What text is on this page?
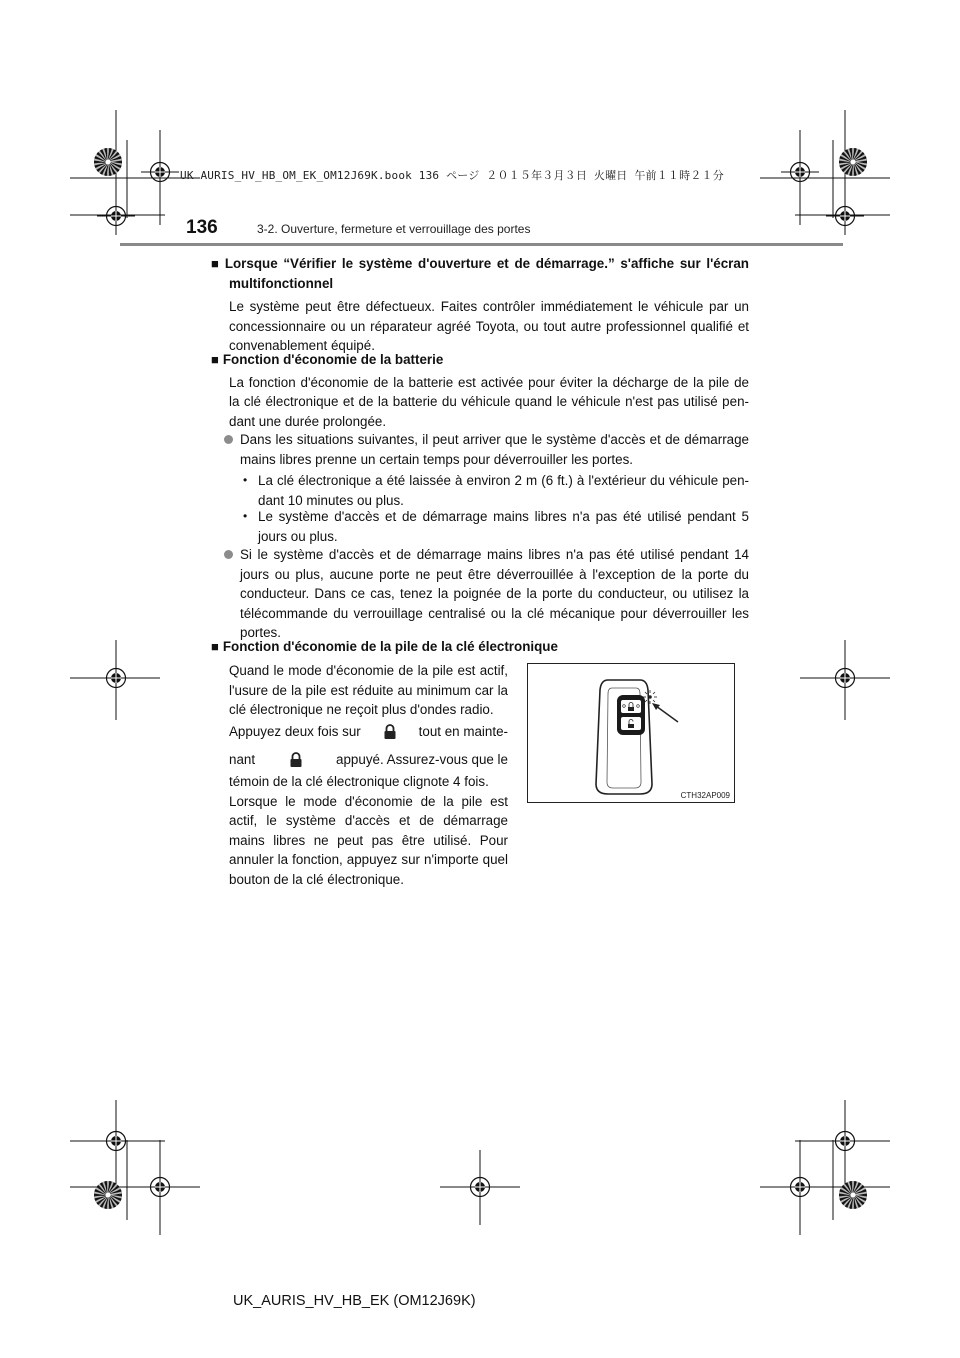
UK AURIS_HV_HB_OM_EK_OM12J69K.book 136 ページ ２０１５年３月３日 火曜日 午前１１時２１分
136	3-2. Ouverture, fermeture et verrouillage des portes
■ Lorsque “Vérifier le système d'ouverture et de démarrage.” s'affiche sur l'écran
multifonctionnel
Le système peut être défectueux. Faites contrôler immédiatement le véhicule par un
concessionnaire ou un réparateur agréé Toyota, ou tout autre professionnel qualifié et
convenablement équipé.
■ Fonction d'économie de la batterie
La fonction d'économie de la batterie est activée pour éviter la décharge de la pile de
la clé électronique et de la batterie du véhicule quand le véhicule n'est pas utilisé pen-
dant une durée prolongée.
Dans les situations suivantes, il peut arriver que le système d'accès et de démarrage
mains libres prenne un certain temps pour déverrouiller les portes.
• La clé électronique a été laissée à environ 2 m (6 ft.) à l'extérieur du véhicule pen-
dant 10 minutes ou plus.
• Le système d'accès et de démarrage mains libres n'a pas été utilisé pendant 5
jours ou plus.
Si le système d'accès et de démarrage mains libres n'a pas été utilisé pendant 14
jours ou plus, aucune porte ne peut être déverrouillée à l'exception de la porte du
conducteur. Dans ce cas, tenez la poignée de la porte du conducteur, ou utilisez la
télécommande du verrouillage centralisé ou la clé mécanique pour déverrouiller les
portes.
■ Fonction d'économie de la pile de la clé électronique
Quand le mode d'économie de la pile est actif,
l'usure de la pile est réduite au minimum car la
clé électronique ne reçoit plus d'ondes radio.
Appuyez deux fois sur	tout en mainte-
nant	appuyé. Assurez-vous que le
témoin de la clé électronique clignote 4 fois.
Lorsque le mode d'économie de la pile est
actif, le système d'accès et de démarrage
mains libres ne peut pas être utilisé. Pour
annuler la fonction, appuyez sur n'importe quel
bouton de la clé électronique.
CTH32AP009
UK_AURIS_HV_HB_EK (OM12J69K)
